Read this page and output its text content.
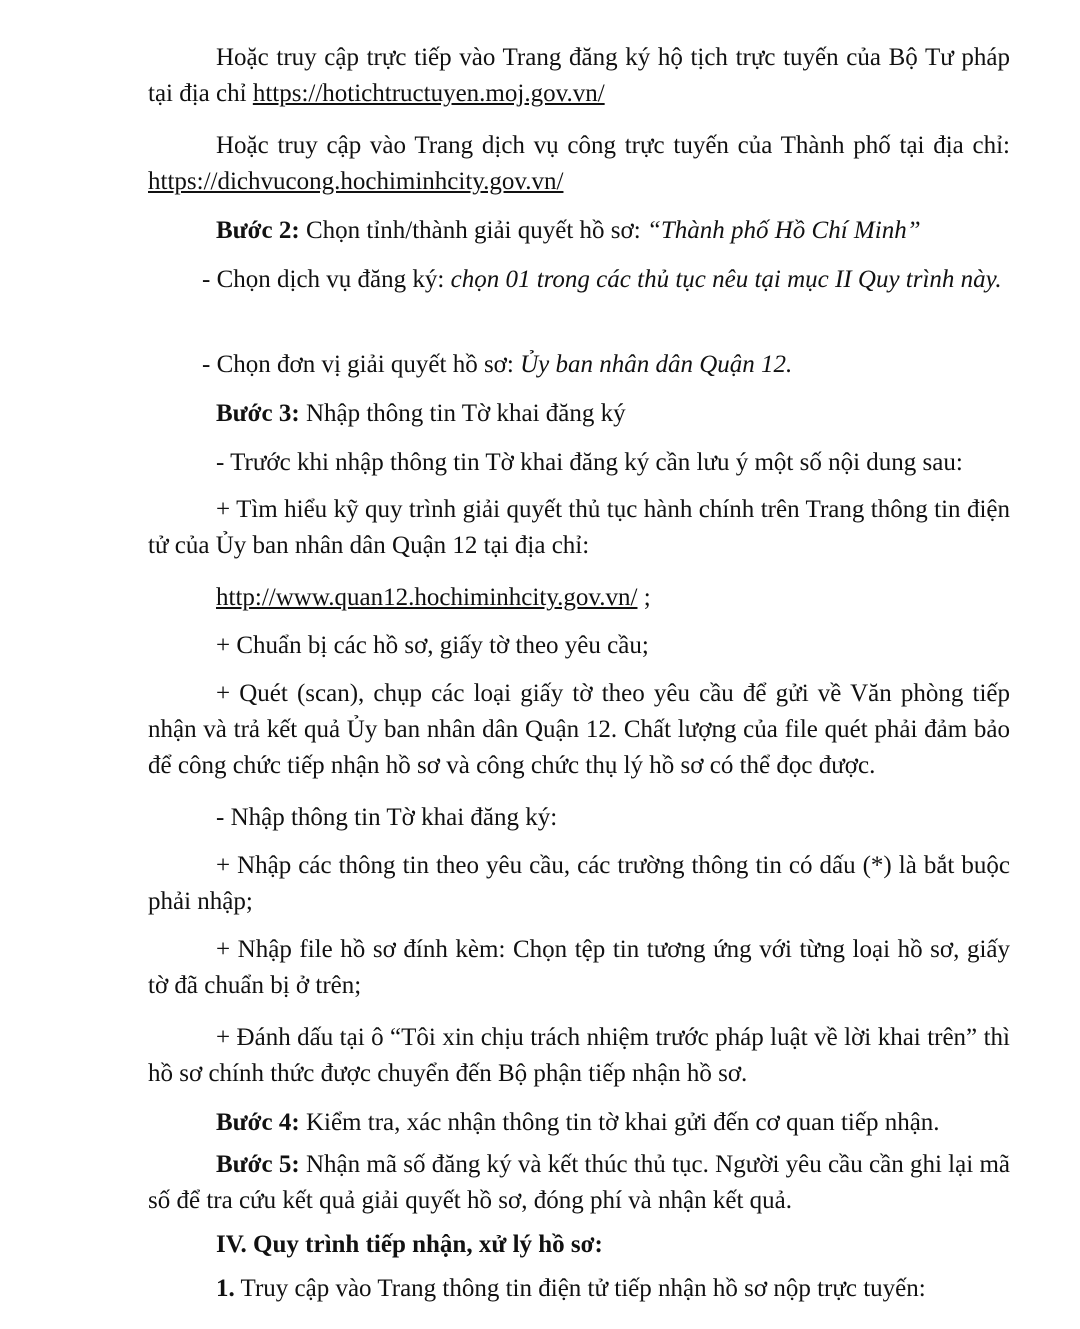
Hoặc truy cập trực tiếp vào Trang đăng ký hộ tịch trực tuyến của Bộ Tư pháp tại địa chỉ https://hotichtructuyen.moj.gov.vn/

Hoặc truy cập vào Trang dịch vụ công trực tuyến của Thành phố tại địa chỉ: https://dichvucong.hochiminhcity.gov.vn/

Bước 2: Chọn tỉnh/thành giải quyết hồ sơ: “Thành phố Hồ Chí Minh”

- Chọn dịch vụ đăng ký: chọn 01 trong các thủ tục nêu tại mục II Quy trình này.

- Chọn đơn vị giải quyết hồ sơ: Ủy ban nhân dân Quận 12.

Bước 3: Nhập thông tin Tờ khai đăng ký

- Trước khi nhập thông tin Tờ khai đăng ký cần lưu ý một số nội dung sau:

+ Tìm hiểu kỹ quy trình giải quyết thủ tục hành chính trên Trang thông tin điện tử của Ủy ban nhân dân Quận 12 tại địa chỉ:

http://www.quan12.hochiminhcity.gov.vn/ ;

+ Chuẩn bị các hồ sơ, giấy tờ theo yêu cầu;

+ Quét (scan), chụp các loại giấy tờ theo yêu cầu để gửi về Văn phòng tiếp nhận và trả kết quả Ủy ban nhân dân Quận 12. Chất lượng của file quét phải đảm bảo để công chức tiếp nhận hồ sơ và công chức thụ lý hồ sơ có thể đọc được.

- Nhập thông tin Tờ khai đăng ký:

+ Nhập các thông tin theo yêu cầu, các trường thông tin có dấu (*) là bắt buộc phải nhập;

+ Nhập file hồ sơ đính kèm: Chọn tệp tin tương ứng với từng loại hồ sơ, giấy tờ đã chuẩn bị ở trên;

+ Đánh dấu tại ô “Tôi xin chịu trách nhiệm trước pháp luật về lời khai trên” thì hồ sơ chính thức được chuyển đến Bộ phận tiếp nhận hồ sơ.

Bước 4: Kiểm tra, xác nhận thông tin tờ khai gửi đến cơ quan tiếp nhận.

Bước 5: Nhận mã số đăng ký và kết thúc thủ tục. Người yêu cầu cần ghi lại mã số để tra cứu kết quả giải quyết hồ sơ, đóng phí và nhận kết quả.

IV. Quy trình tiếp nhận, xử lý hồ sơ:

1. Truy cập vào Trang thông tin điện tử tiếp nhận hồ sơ nộp trực tuyến:
